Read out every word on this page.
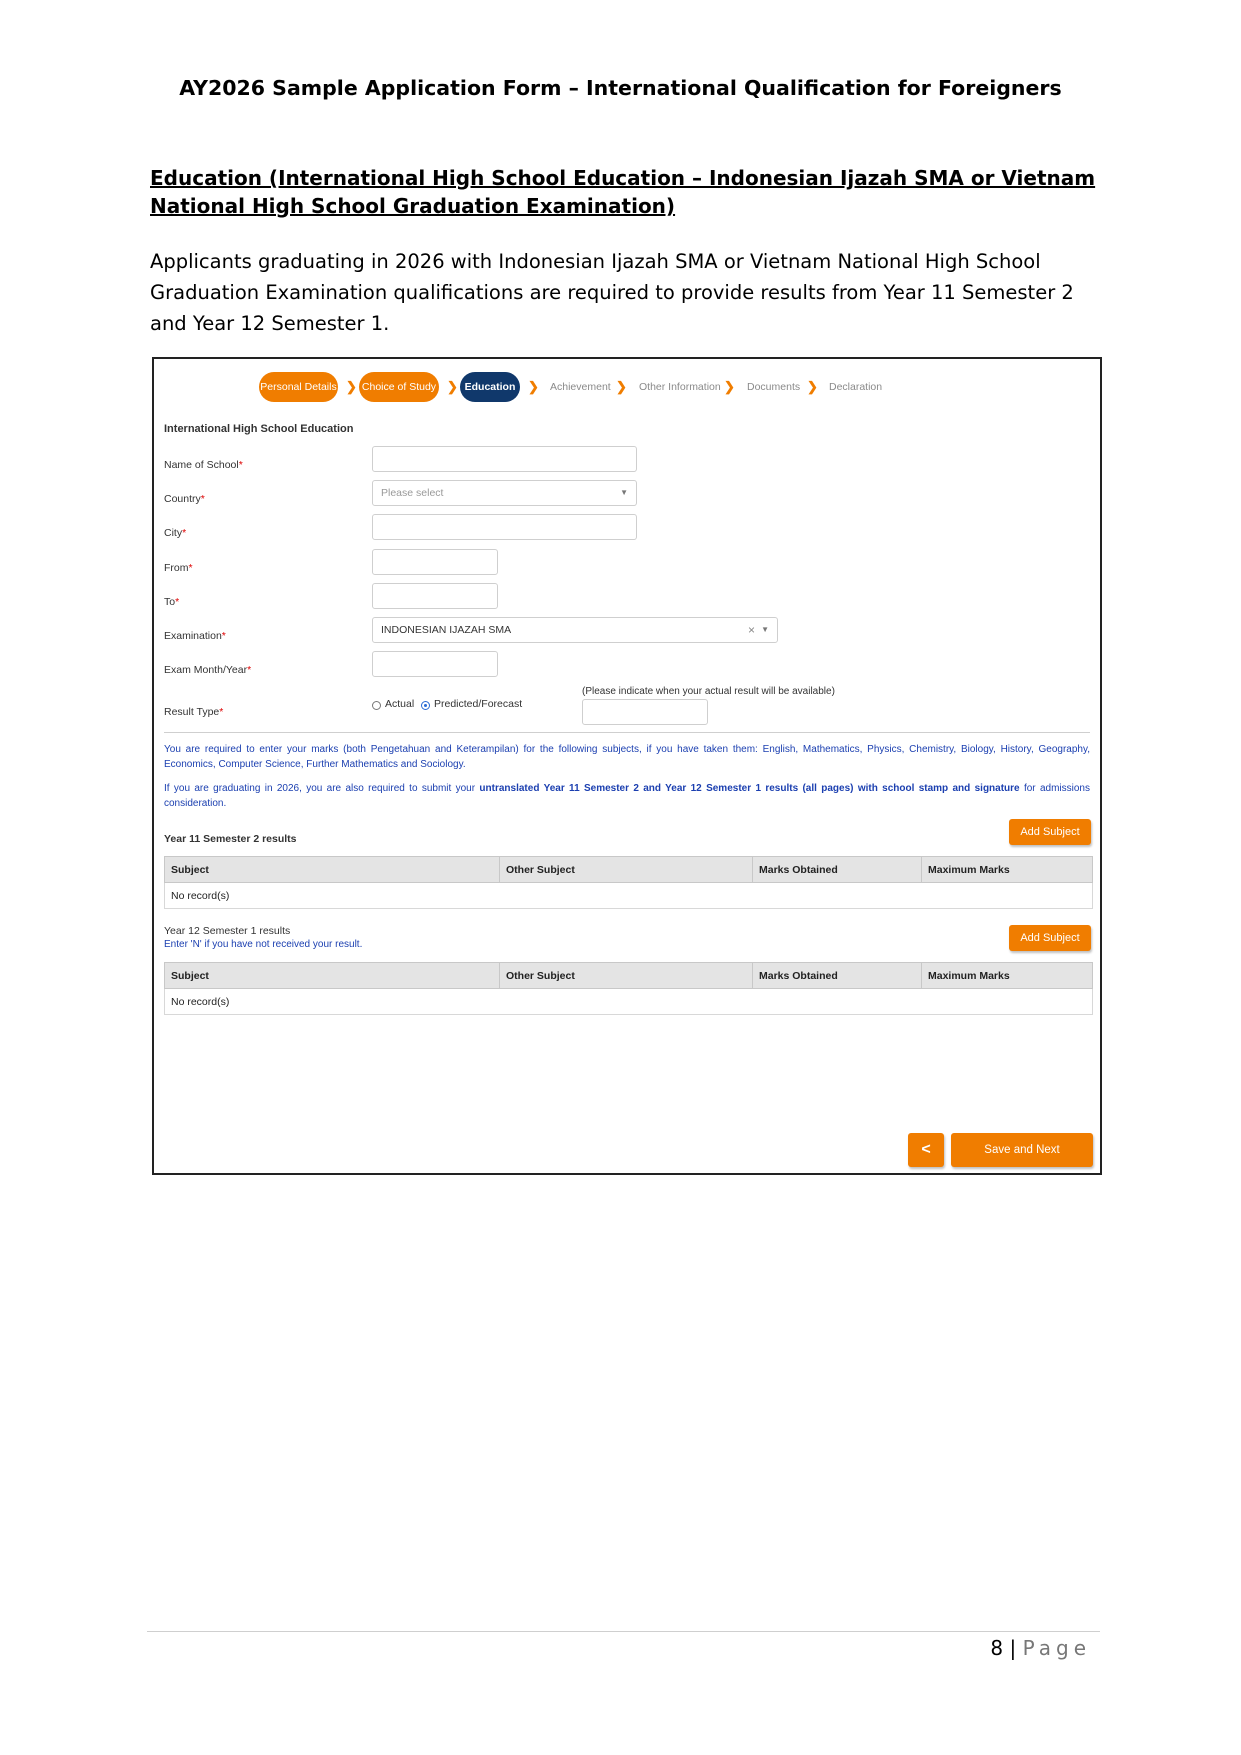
AY2026 Sample Application Form – International Qualification for Foreigners
Education (International High School Education – Indonesian Ijazah SMA or Vietnam National High School Graduation Examination)
Applicants graduating in 2026 with Indonesian Ijazah SMA or Vietnam National High School Graduation Examination qualifications are required to provide results from Year 11 Semester 2 and Year 12 Semester 1.
Personal Details ❯ Choice of Study ❯ Education ❯ Achievement ❯ Other Information ❯ Documents ❯ Declaration
International High School Education
Name of School*
Country*	Please select	▼
City*
From*
To*
Examination*	INDONESIAN IJAZAH SMA	× ▼
Exam Month/Year*
Result Type*
Actual Predicted/Forecast
(Please indicate when your actual result will be available)
You are required to enter your marks (both Pengetahuan and Keterampilan) for the following subjects, if you have taken them: English, Mathematics, Physics, Chemistry, Biology, History, Geography, Economics, Computer Science, Further Mathematics and Sociology.
If you are graduating in 2026, you are also required to submit your untranslated Year 11 Semester 2 and Year 12 Semester 1 results (all pages) with school stamp and signature for admissions consideration.
Year 11 Semester 2 results
Add Subject
Subject	Other Subject	Marks Obtained	Maximum Marks
No record(s)
Year 12 Semester 1 results
Enter 'N' if you have not received your result.
Add Subject
Subject	Other Subject	Marks Obtained	Maximum Marks
No record(s)
<	Save and Next
8 | Page
